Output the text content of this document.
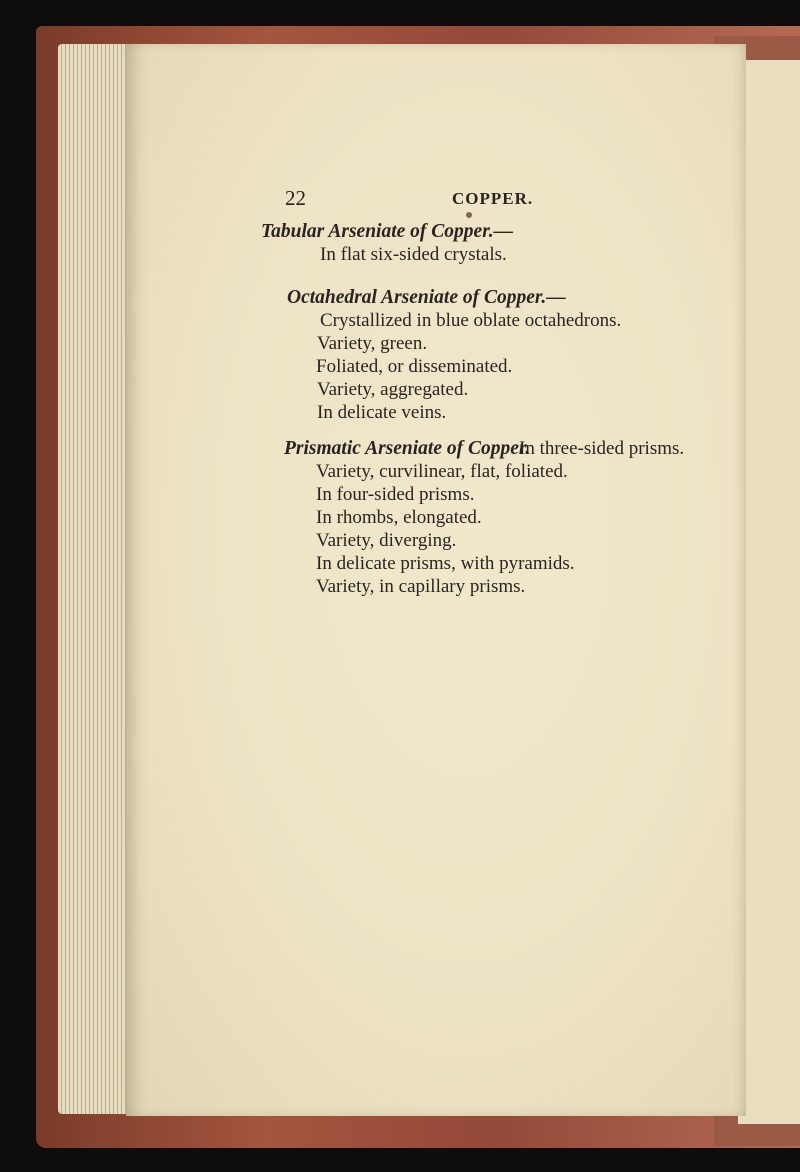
22	COPPER.
Tabular Arseniate of Copper.—
In flat six-sided crystals.
Octahedral Arseniate of Copper.—
Crystallized in blue oblate octahedrons.
Variety, green.
Foliated, or disseminated.
Variety, aggregated.
In delicate veins.
Prismatic Arseniate of Copper.
In three-sided prisms.
Variety, curvilinear, flat, foliated.
In four-sided prisms.
In rhombs, elongated.
Variety, diverging.
In delicate prisms, with pyramids.
Variety, in capillary prisms.
